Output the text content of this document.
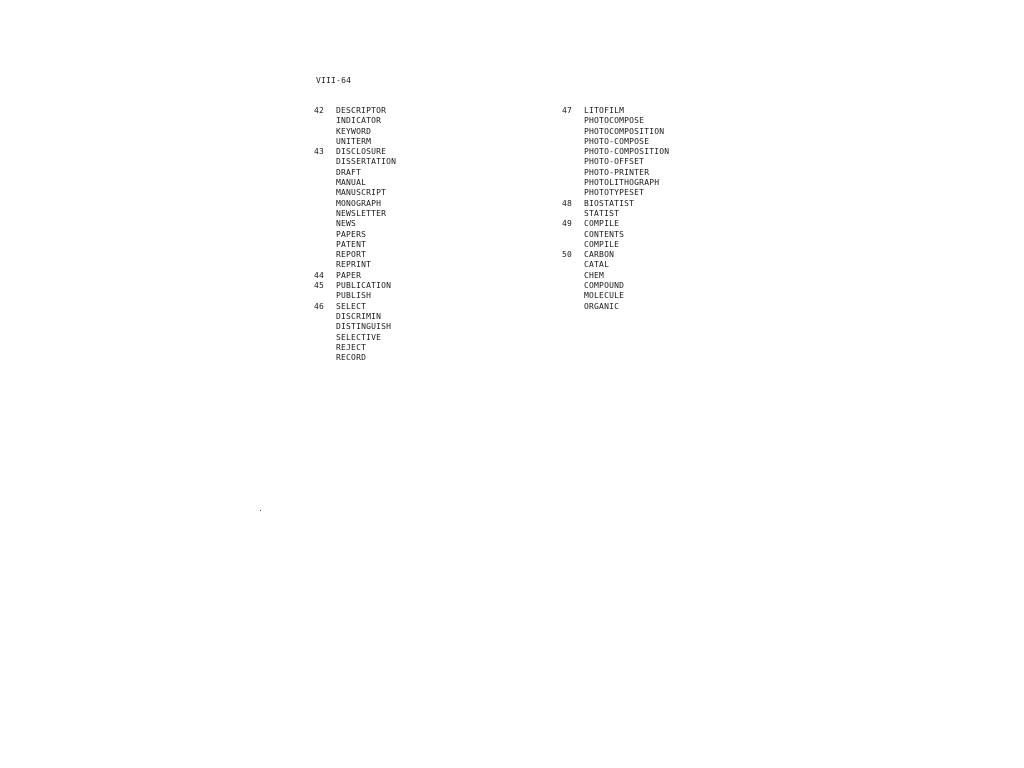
VIII-64
42	DESCRIPTOR
INDICATOR
KEYWORD
UNITERM
43	DISCLOSURE
DISSERTATION
DRAFT
MANUAL
MANUSCRIPT
MONOGRAPH
NEWSLETTER
NEWS
PAPERS
PATENT
REPORT
REPRINT
44	PAPER
45	PUBLICATION
PUBLISH
46	SELECT
DISCRIMIN
DISTINGUISH
SELECTIVE
REJECT
RECORD
47	LITOFILM
PHOTOCOMPOSE
PHOTOCOMPOSITION
PHOTO-COMPOSE
PHOTO-COMPOSITION
PHOTO-OFFSET
PHOTO-PRINTER
PHOTOLITHOGRAPH
PHOTOTYPESET
48	BIOSTATIST
STATIST
49	COMPILE
CONTENTS
COMPILE
50	CARBON
CATAL
CHEM
COMPOUND
MOLECULE
ORGANIC
